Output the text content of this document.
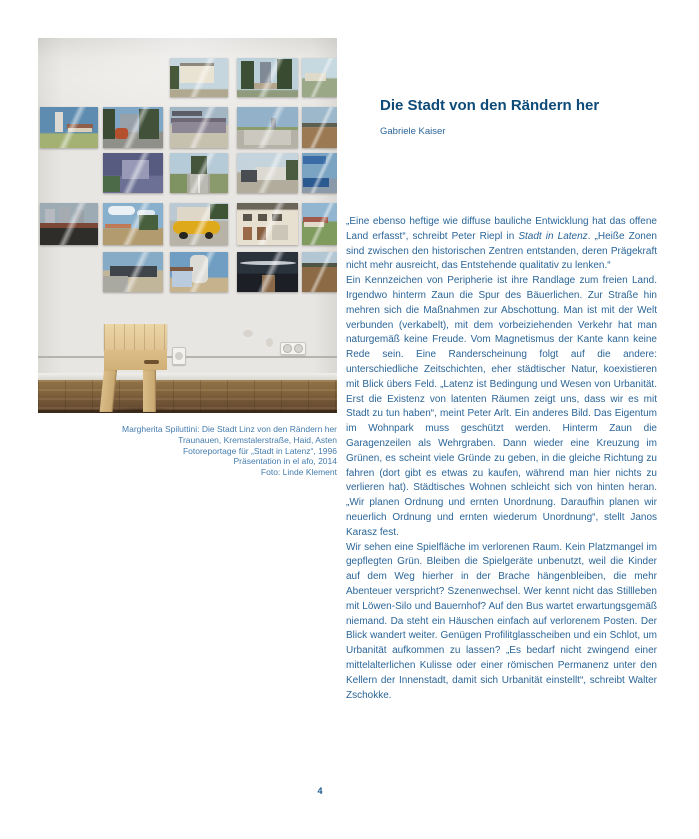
Margherita Spiluttini: Die Stadt Linz von den Rändern her
Traunauen, Kremstalerstraße, Haid, Asten
Fotoreportage für „Stadt in Latenz“, 1996
Präsentation in el afo, 2014
Foto: Linde Klement
Die Stadt von den Rändern her
Gabriele Kaiser

„Eine ebenso heftige wie diffuse bauliche Entwicklung hat das offene Land erfasst“, schreibt Peter Riepl in Stadt in Latenz. „Heiße Zonen sind zwischen den historischen Zentren entstanden, deren Prägekraft nicht mehr ausreicht, das Entstehende qualitativ zu lenken.“

Ein Kennzeichen von Peripherie ist ihre Randlage zum freien Land. Irgendwo hinterm Zaun die Spur des Bäuerlichen. Zur Straße hin mehren sich die Maßnahmen zur Abschottung. Man ist mit der Welt verbunden (verkabelt), mit dem vorbeiziehenden Verkehr hat man naturgemäß keine Freude. Vom Magnetismus der Kante kann keine Rede sein. Eine Randerscheinung folgt auf die andere: unterschiedliche Zeitschichten, eher städtischer Natur, koexistieren mit Blick übers Feld. „Latenz ist Bedingung und Wesen von Urbanität. Erst die Existenz von latenten Räumen zeigt uns, dass wir es mit Stadt zu tun haben“, meint Peter Arlt. Ein anderes Bild. Das Eigentum im Wohnpark muss geschützt werden. Hinterm Zaun die Garagenzeilen als Wehrgraben. Dann wieder eine Kreuzung im Grünen, es scheint viele Gründe zu geben, in die gleiche Richtung zu fahren (dort gibt es etwas zu kaufen, während man hier nichts zu verlieren hat). Städtisches Wohnen schleicht sich von hinten heran. „Wir planen Ordnung und ernten Unordnung. Daraufhin planen wir neuerlich Ordnung und ernten wiederum Unordnung“, stellt Janos Karasz fest.

Wir sehen eine Spielfläche im verlorenen Raum. Kein Platzmangel im gepflegten Grün. Bleiben die Spielgeräte unbenutzt, weil die Kinder auf dem Weg hierher in der Brache hängenbleiben, die mehr Abenteuer verspricht? Szenenwechsel. Wer kennt nicht das Stillleben mit Löwen-Silo und Bauernhof? Auf den Bus wartet erwartungsgemäß niemand. Da steht ein Häuschen einfach auf verlorenem Posten. Der Blick wandert weiter. Genügen Profilitglasscheiben und ein Schlot, um Urbanität aufkommen zu lassen? „Es bedarf nicht zwingend einer mittelalterlichen Kulisse oder einer römischen Permanenz unter den Kellern der Innenstadt, damit sich Urbanität einstellt“, schreibt Walter Zschokke.

4
